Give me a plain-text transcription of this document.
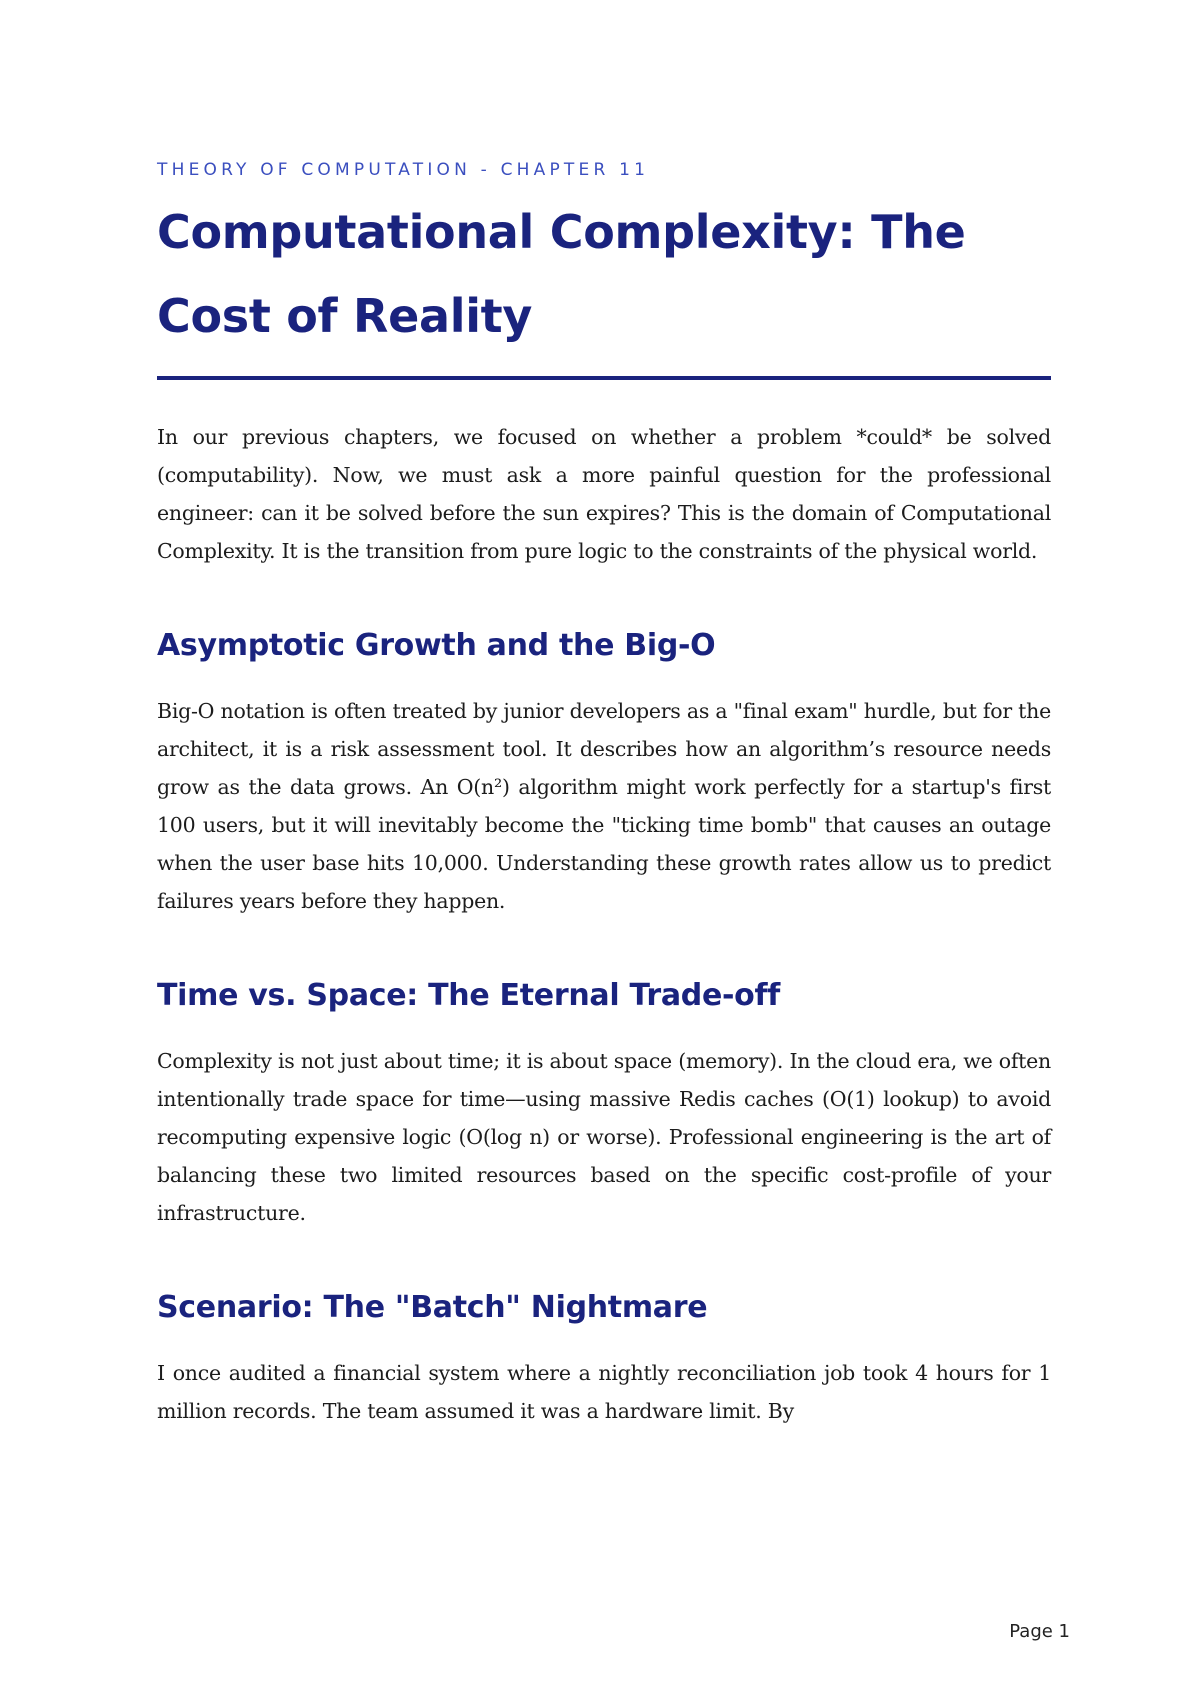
THEORY OF COMPUTATION - CHAPTER 11
Computational Complexity: The Cost of Reality

In our previous chapters, we focused on whether a problem *could* be solved (computability). Now, we must ask a more painful question for the professional engineer: can it be solved before the sun expires? This is the domain of Computational Complexity. It is the transition from pure logic to the constraints of the physical world.

Asymptotic Growth and the Big-O

Big-O notation is often treated by junior developers as a "final exam" hurdle, but for the architect, it is a risk assessment tool. It describes how an algorithm’s resource needs grow as the data grows. An O(n²) algorithm might work perfectly for a startup's first 100 users, but it will inevitably become the "ticking time bomb" that causes an outage when the user base hits 10,000. Understanding these growth rates allow us to predict failures years before they happen.

Time vs. Space: The Eternal Trade-off

Complexity is not just about time; it is about space (memory). In the cloud era, we often intentionally trade space for time—using massive Redis caches (O(1) lookup) to avoid recomputing expensive logic (O(log n) or worse). Professional engineering is the art of balancing these two limited resources based on the specific cost-profile of your infrastructure.

Scenario: The "Batch" Nightmare

I once audited a financial system where a nightly reconciliation job took 4 hours for 1 million records. The team assumed it was a hardware limit. By

Page 1
